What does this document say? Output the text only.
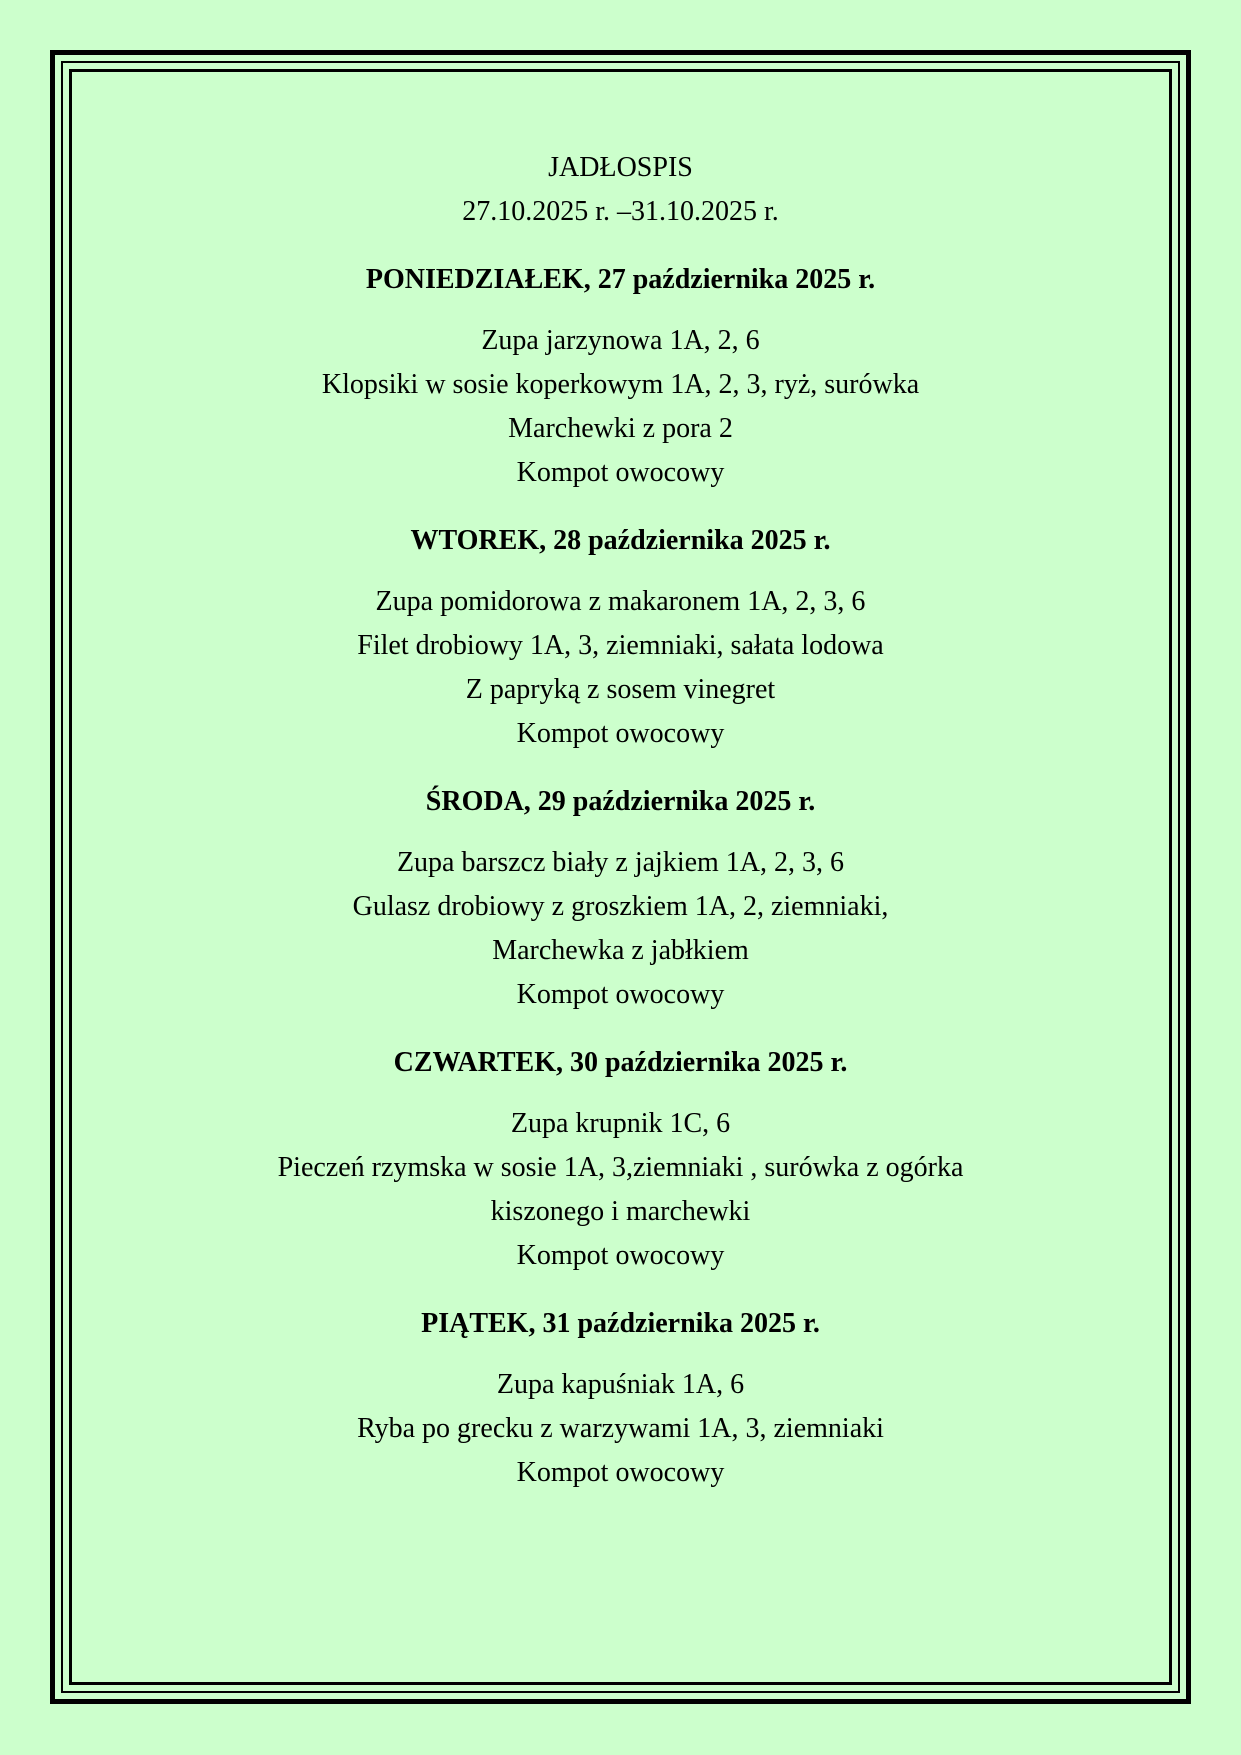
JADŁOSPIS
27.10.2025 r. –31.10.2025 r.
PONIEDZIAŁEK, 27 października 2025 r.
Zupa jarzynowa 1A, 2, 6
Klopsiki w sosie koperkowym 1A, 2, 3, ryż, surówka
Marchewki z pora 2
Kompot owocowy
WTOREK, 28 października 2025 r.
Zupa pomidorowa z makaronem 1A, 2, 3, 6
Filet drobiowy 1A, 3, ziemniaki, sałata lodowa
Z papryką z sosem vinegret
Kompot owocowy
ŚRODA, 29 października 2025 r.
Zupa barszcz biały z jajkiem 1A, 2, 3, 6
Gulasz drobiowy z groszkiem 1A, 2, ziemniaki,
Marchewka z jabłkiem
Kompot owocowy
CZWARTEK, 30 października 2025 r.
Zupa krupnik 1C, 6
Pieczeń rzymska w sosie 1A, 3,ziemniaki , surówka z ogórka
kiszonego i marchewki
Kompot owocowy
PIĄTEK, 31 października 2025 r.
Zupa kapuśniak 1A, 6
Ryba po grecku z warzywami 1A, 3, ziemniaki
Kompot owocowy
